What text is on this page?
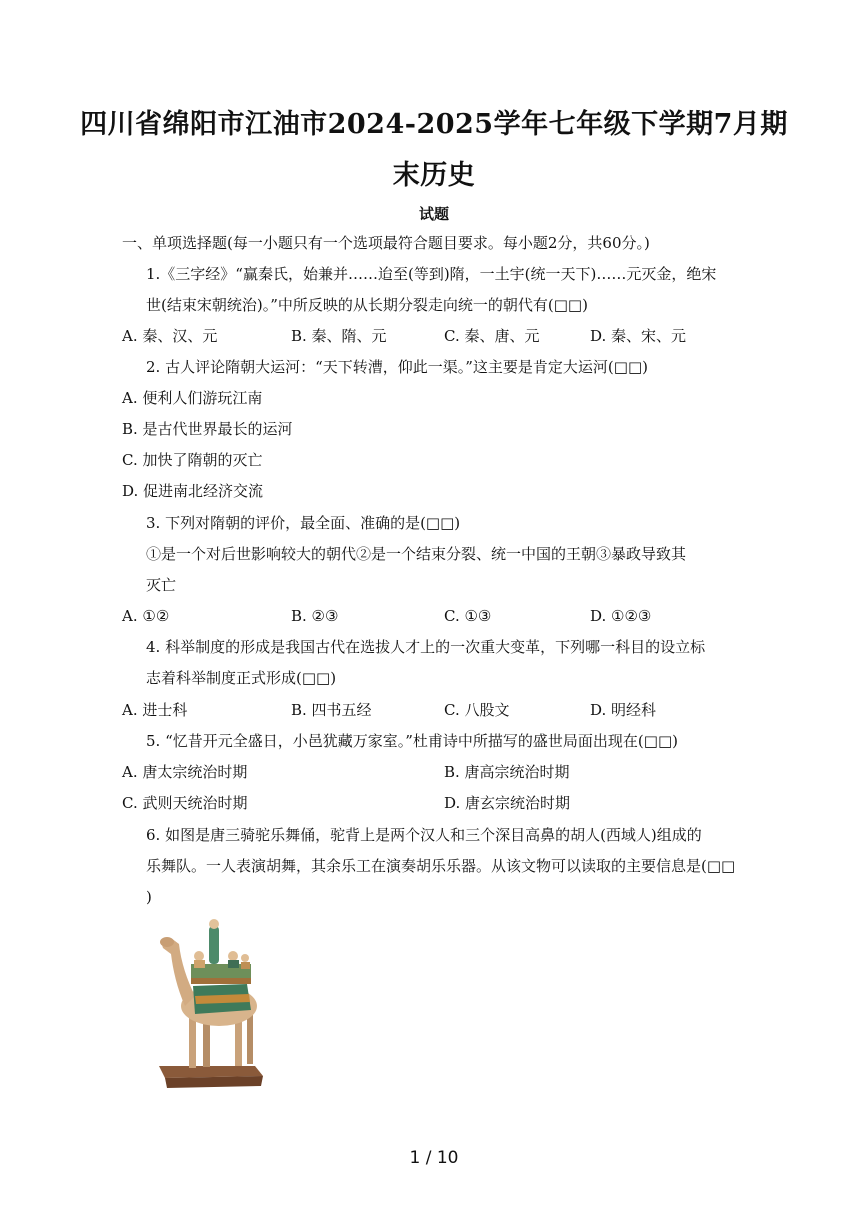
四川省绵阳市江油市2024-2025学年七年级下学期7月期
末历史
试题
一、单项选择题(每一小题只有一个选项最符合题目要求。每小题2分，共60分。)
1.《三字经》“赢秦氏，始兼并……迨至(等到)隋，一土宇(统一天下)……元灭金，绝宋
世(结束宋朝统治)。”中所反映的从长期分裂走向统一的朝代有(□□)
A. 秦、汉、元	B. 秦、隋、元	C. 秦、唐、元	D. 秦、宋、元
2. 古人评论隋朝大运河：“天下转漕，仰此一渠。”这主要是肯定大运河(□□)
A. 便利人们游玩江南
B. 是古代世界最长的运河
C. 加快了隋朝的灭亡
D. 促进南北经济交流
3. 下列对隋朝的评价，最全面、准确的是(□□)
①是一个对后世影响较大的朝代②是一个结束分裂、统一中国的王朝③暴政导致其
灭亡
A. ①②	B. ②③	C. ①③	D. ①②③
4. 科举制度的形成是我国古代在选拔人才上的一次重大变革，下列哪一科目的设立标
志着科举制度正式形成(□□)
A. 进士科	B. 四书五经	C. 八股文	D. 明经科
5. “忆昔开元全盛日，小邑犹藏万家室。”杜甫诗中所描写的盛世局面出现在(□□)
A. 唐太宗统治时期	B. 唐高宗统治时期
C. 武则天统治时期	D. 唐玄宗统治时期
6. 如图是唐三骑驼乐舞俑，驼背上是两个汉人和三个深目高鼻的胡人(西域人)组成的
乐舞队。一人表演胡舞，其余乐工在演奏胡乐乐器。从该文物可以读取的主要信息是(□□
)
1 / 10
